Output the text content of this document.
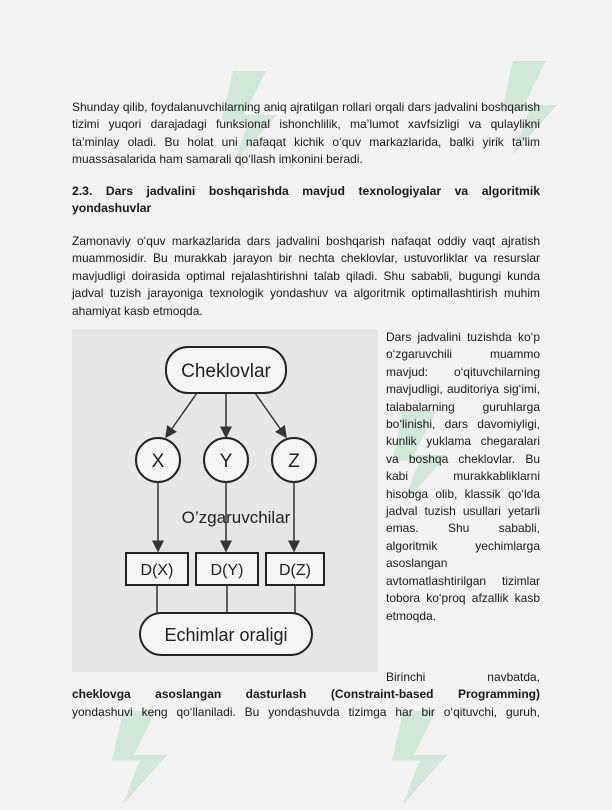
Shunday qilib, foydalanuvchilarning aniq ajratilgan rollari orqali dars jadvalini boshqarish tizimi yuqori darajadagi funksional ishonchlilik, ma’lumot xavfsizligi va qulaylikni ta’minlay oladi. Bu holat uni nafaqat kichik o‘quv markazlarida, balki yirik ta’lim muassasalarida ham samarali qo‘llash imkonini beradi.

2.3. Dars jadvalini boshqarishda mavjud texnologiyalar va algoritmik yondashuvlar

Zamonaviy o‘quv markazlarida dars jadvalini boshqarish nafaqat oddiy vaqt ajratish muammosidir. Bu murakkab jarayon bir nechta cheklovlar, ustuvorliklar va resurslar mavjudligi doirasida optimal rejalashtirishni talab qiladi. Shu sababli, bugungi kunda jadval tuzish jarayoniga texnologik yondashuv va algoritmik optimallashtirish muhim ahamiyat kasb etmoqda.

Cheklovlar
X	Y	Z
O’zgaruvchilar
D(X) D(Y) D(Z)
Echimlar oraligi

Dars jadvalini tuzishda ko‘p o‘zgaruvchili muammo mavjud: o‘qituvchilarning mavjudligi, auditoriya sig‘imi, talabalarning guruhlarga bo‘linishi, dars davomiyligi, kunlik yuklama chegaralari va boshqa cheklovlar. Bu kabi murakkabliklarni hisobga olib, klassik qo‘lda jadval tuzish usullari yetarli emas. Shu sababli, algoritmik yechimlarga asoslangan avtomatlashtirilgan tizimlar tobora ko‘proq afzallik kasb etmoqda.

Birinchi navbatda,
cheklovga asoslangan dasturlash (Constraint-based Programming)
yondashuvi keng qo‘llaniladi. Bu yondashuvda tizimga har bir o‘qituvchi, guruh,
